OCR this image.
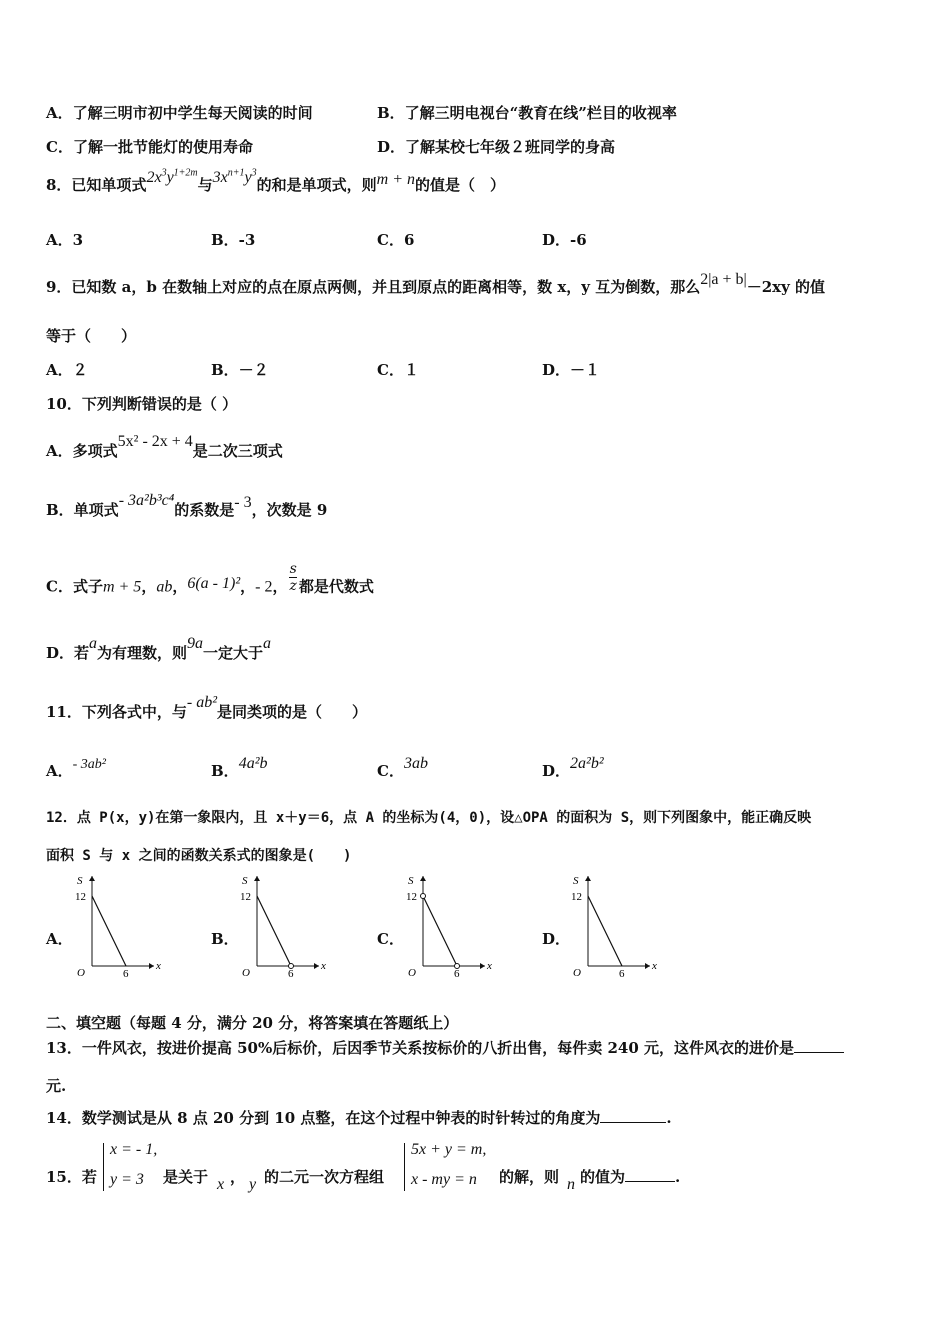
A．了解三明市初中学生每天阅读的时间	B．了解三明电视台“教育在线”栏目的收视率
C．了解一批节能灯的使用寿命	D．了解某校七年级２班同学的身高
8．已知单项式$2x^3y^{1+2m}$与$3x^{n+1}y^3$的和是单项式，则m + n的值是（　）
A．3	B．-3	C．6	D．-6
9．已知数 a，b 在数轴上对应的点在原点两侧，并且到原点的距离相等，数 x，y 互为倒数，那么2|a + b|－2xy 的值
等于（　　）
A．２	B．－２	C．１	D．－１
10．下列判断错误的是（ ）
A．多项式5x² - 2x + 4是二次三项式
B．单项式- 3a²b³c⁴的系数是- 3，次数是 9
C．式子m + 5，ab，6(a - 1)²，- 2， $\frac{s}{z}$ 都是代数式
D．若a为有理数，则9a一定大于a
11．下列各式中，与- ab²是同类项的是（　　）
A．- 3ab²	B．4a²b	C．3ab	D．2a²b²
12．点 P(x，y)在第一象限内，且 x＋y＝6，点 A 的坐标为(4，0)，设△OPA 的面积为 S，则下列图象中，能正确反映
面积 S 与 x 之间的函数关系式的图象是(　　)
A．	B．	C．	D．
S
x
O
12
6
S
x
O
12
6
S
x
O
12
6
S
x
O
12
6
二、填空题（每题 4 分，满分 20 分，将答案填在答题纸上）
13．一件风衣，按进价提高 50%后标价，后因季节关系按标价的八折出售，每件卖 240 元，这件风衣的进价是
元.
14．数学测试是从 8 点 20 分到 10 点整，在这个过程中钟表的时针转过的角度为	.
15．若
x = - 1,
y = 3 是关于 x ， y 的二元一次方程组
5x + y = m,
x - my = n 的解，则 n 的值为	.
